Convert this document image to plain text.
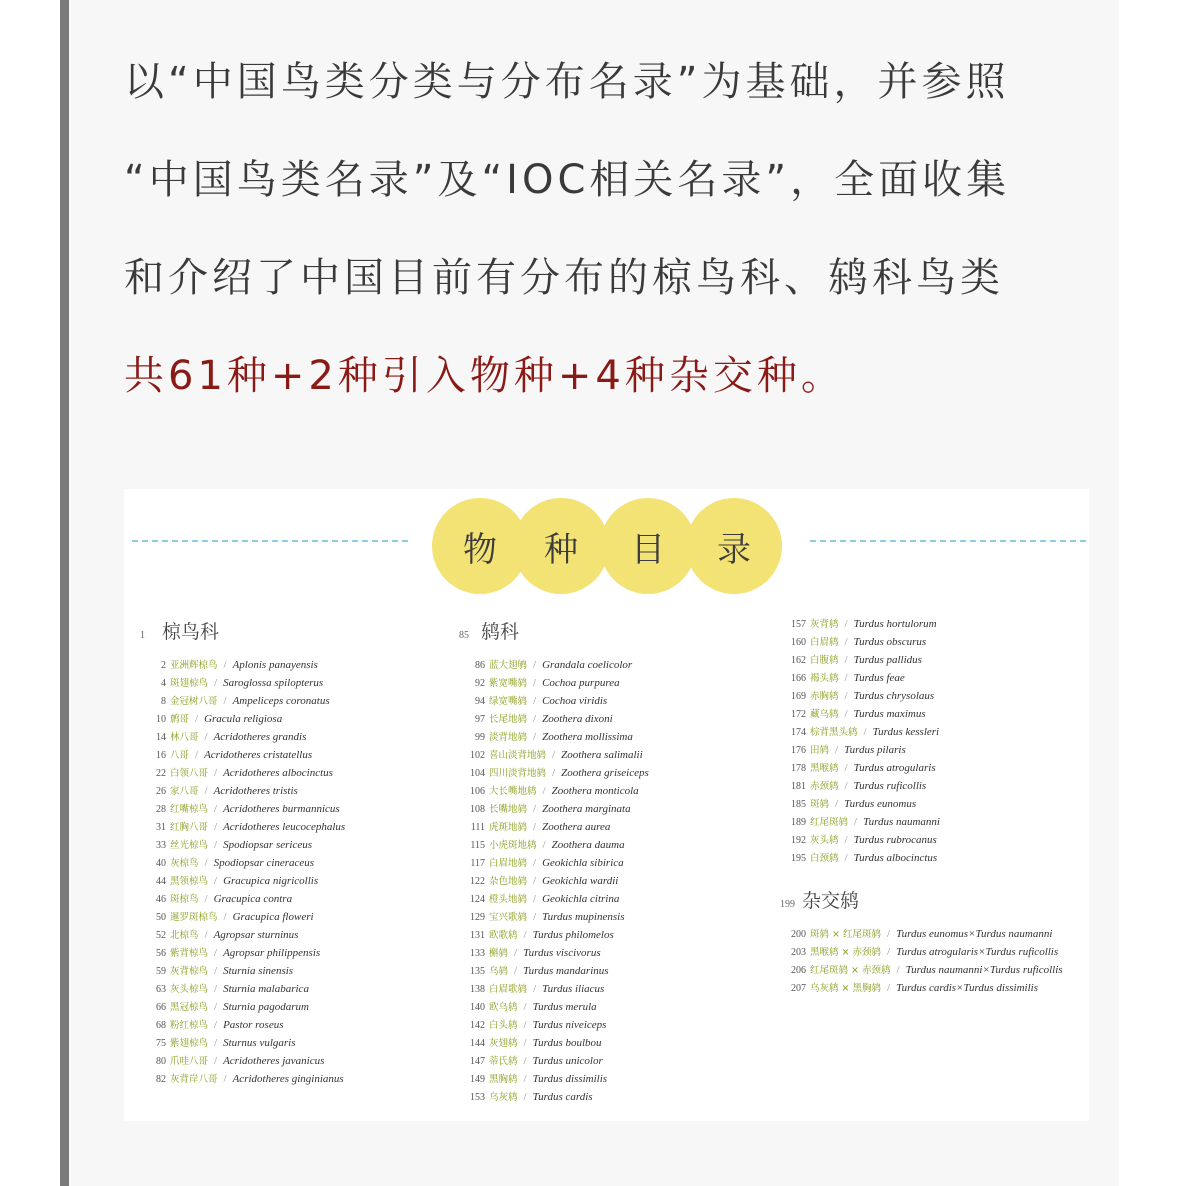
以“中国鸟类分类与分布名录”为基础，并参照

“中国鸟类名录”及“IOC相关名录”，全面收集

和介绍了中国目前有分布的椋鸟科、鸫科鸟类

共61种+2种引入物种+4种杂交种。

物 种 目 录
1 椋鸟科
2 亚洲辉椋鸟 / Aplonis panayensis
4 斑翅椋鸟 / Saroglossa spilopterus
8 金冠树八哥 / Ampeliceps coronatus
10 鹩哥 / Gracula religiosa
14 林八哥 / Acridotheres grandis
16 八哥 / Acridotheres cristatellus
22 白领八哥 / Acridotheres albocinctus
26 家八哥 / Acridotheres tristis
28 红嘴椋鸟 / Acridotheres burmannicus
31 红胸八哥 / Acridotheres leucocephalus
33 丝光椋鸟 / Spodiopsar sericeus
40 灰椋鸟 / Spodiopsar cineraceus
44 黑领椋鸟 / Gracupica nigricollis
46 斑椋鸟 / Gracupica contra
50 暹罗斑椋鸟 / Gracupica floweri
52 北椋鸟 / Agropsar sturninus
56 紫背椋鸟 / Agropsar philippensis
59 灰背椋鸟 / Sturnia sinensis
63 灰头椋鸟 / Sturnia malabarica
66 黑冠椋鸟 / Sturnia pagodarum
68 粉红椋鸟 / Pastor roseus
75 紫翅椋鸟 / Sturnus vulgaris
80 爪哇八哥 / Acridotheres javanicus
82 灰背岸八哥 / Acridotheres ginginianus
85 鸫科
86 蓝大翅鸲 / Grandala coelicolor
92 紫宽嘴鸫 / Cochoa purpurea
94 绿宽嘴鸫 / Cochoa viridis
97 长尾地鸫 / Zoothera dixoni
99 淡背地鸫 / Zoothera mollissima
102 喜山淡背地鸫 / Zoothera salimalii
104 四川淡背地鸫 / Zoothera griseiceps
106 大长嘴地鸫 / Zoothera monticola
108 长嘴地鸫 / Zoothera marginata
111 虎斑地鸫 / Zoothera aurea
115 小虎斑地鸫 / Zoothera dauma
117 白眉地鸫 / Geokichla sibirica
122 杂色地鸫 / Geokichla wardii
124 橙头地鸫 / Geokichla citrina
129 宝兴歌鸫 / Turdus mupinensis
131 欧歌鸫 / Turdus philomelos
133 槲鸫 / Turdus viscivorus
135 乌鸫 / Turdus mandarinus
138 白眉歌鸫 / Turdus iliacus
140 欧乌鸫 / Turdus merula
142 白头鸫 / Turdus niveiceps
144 灰翅鸫 / Turdus boulbou
147 蒂氏鸫 / Turdus unicolor
149 黑胸鸫 / Turdus dissimilis
153 乌灰鸫 / Turdus cardis
157 灰背鸫 / Turdus hortulorum
160 白眉鸫 / Turdus obscurus
162 白腹鸫 / Turdus pallidus
166 褐头鸫 / Turdus feae
169 赤胸鸫 / Turdus chrysolaus
172 藏乌鸫 / Turdus maximus
174 棕背黑头鸫 / Turdus kessleri
176 田鸫 / Turdus pilaris
178 黑喉鸫 / Turdus atrogularis
181 赤颈鸫 / Turdus ruficollis
185 斑鸫 / Turdus eunomus
189 红尾斑鸫 / Turdus naumanni
192 灰头鸫 / Turdus rubrocanus
195 白颈鸫 / Turdus albocinctus
199 杂交鸫
200 斑鸫 × 红尾斑鸫 / Turdus eunomus×Turdus naumanni
203 黑喉鸫 × 赤颈鸫 / Turdus atrogularis×Turdus ruficollis
206 红尾斑鸫 × 赤颈鸫 / Turdus naumanni×Turdus ruficollis
207 乌灰鸫 × 黑胸鸫 / Turdus cardis×Turdus dissimilis
